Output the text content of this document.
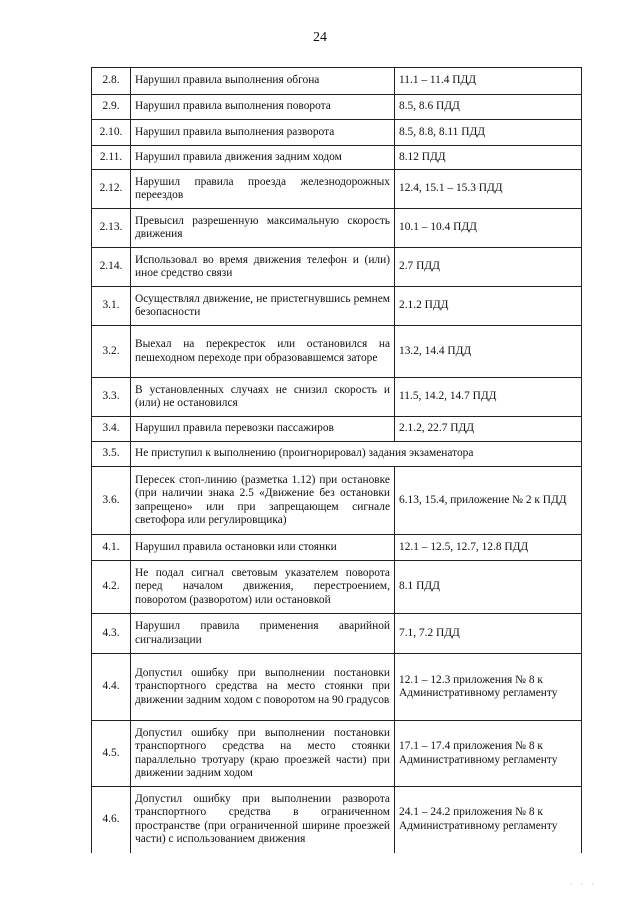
24
2.8.	Нарушил правила выполнения обгона	11.1 – 11.4 ПДД
2.9.	Нарушил правила выполнения поворота	8.5, 8.6 ПДД
2.10.	Нарушил правила выполнения разворота	8.5, 8.8, 8.11 ПДД
2.11.	Нарушил правила движения задним ходом	8.12 ПДД
2.12.	Нарушил правила проезда железнодорожных переездов	12.4, 15.1 – 15.3 ПДД
2.13.	Превысил разрешенную максимальную скорость движения	10.1 – 10.4 ПДД
2.14.	Использовал во время движения телефон и (или) иное средство связи	2.7 ПДД
3.1.	Осуществлял движение, не пристегнувшись ремнем безопасности	2.1.2 ПДД
3.2.	Выехал на перекресток или остановился на пешеходном переходе при образовавшемся заторе	13.2, 14.4 ПДД
3.3.	В установленных случаях не снизил скорость и (или) не остановился	11.5, 14.2, 14.7 ПДД
3.4.	Нарушил правила перевозки пассажиров	2.1.2, 22.7 ПДД
3.5.	Не приступил к выполнению (проигнорировал) задания экзаменатора	
3.6.	Пересек стоп-линию (разметка 1.12) при остановке (при наличии знака 2.5 «Движение без остановки запрещено» или при запрещающем сигнале светофора или регулировщика)	6.13, 15.4, приложение № 2 к ПДД
4.1.	Нарушил правила остановки или стоянки	12.1 – 12.5, 12.7, 12.8 ПДД
4.2.	Не подал сигнал световым указателем поворота перед началом движения, перестроением, поворотом (разворотом) или остановкой	8.1 ПДД
4.3.	Нарушил правила применения аварийной сигнализации	7.1, 7.2 ПДД
4.4.	Допустил ошибку при выполнении постановки транспортного средства на место стоянки при движении задним ходом с поворотом на 90 градусов	12.1 – 12.3 приложения № 8 к Административному регламенту
4.5.	Допустил ошибку при выполнении постановки транспортного средства на место стоянки параллельно тротуару (краю проезжей части) при движении задним ходом	17.1 – 17.4 приложения № 8 к Административному регламенту
4.6.	Допустил ошибку при выполнении разворота транспортного средства в ограниченном пространстве (при ограниченной ширине проезжей части) с использованием движения	24.1 – 24.2 приложения № 8 к Административному регламенту
· · ·
